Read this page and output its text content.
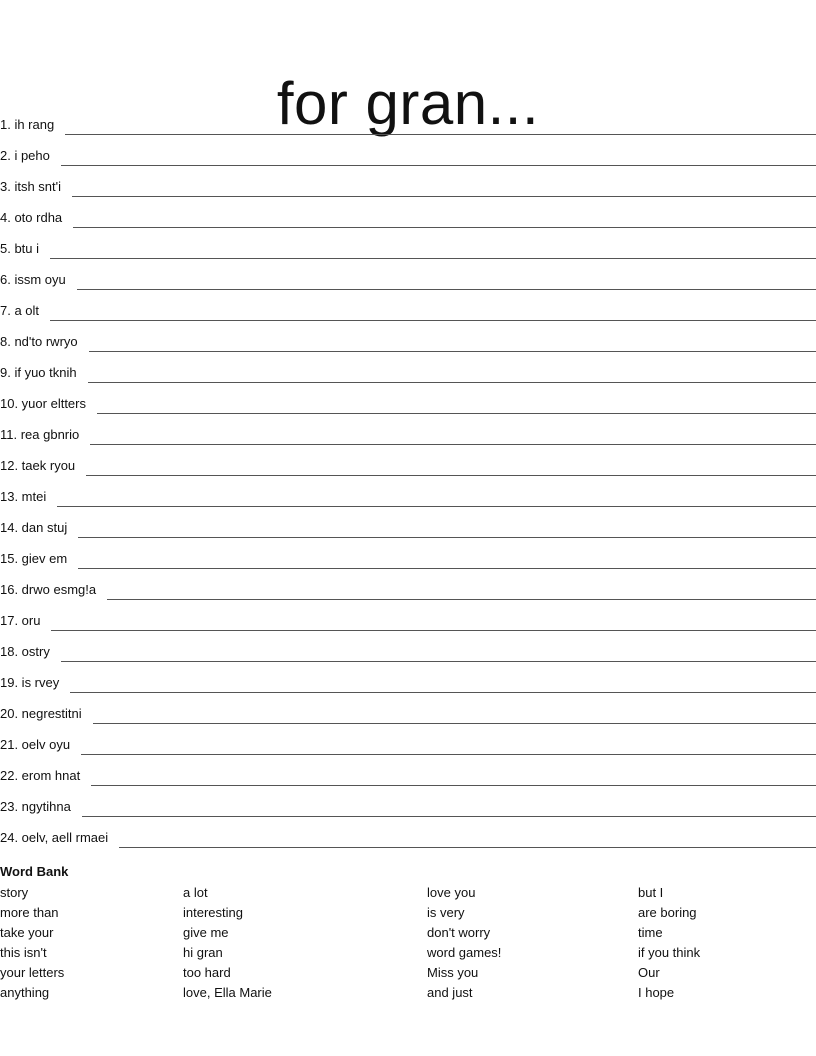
for gran...
1. ih rang
2. i peho
3. itsh snt'i
4. oto rdha
5. btu i
6. issm oyu
7. a olt
8. nd'to rwryo
9. if yuo tknih
10. yuor eltters
11. rea gbnrio
12. taek ryou
13. mtei
14. dan stuj
15. giev em
16. drwo esmg!a
17. oru
18. ostry
19. is rvey
20. negrestitni
21. oelv oyu
22. erom hnat
23. ngytihna
24. oelv, aell rmaei
Word Bank
story
more than
take your
this isn't
your letters
anything
a lot
interesting
give me
hi gran
too hard
love, Ella Marie
love you
is very
don't worry
word games!
Miss you
and just
but I
are boring
time
if you think
Our
I hope
